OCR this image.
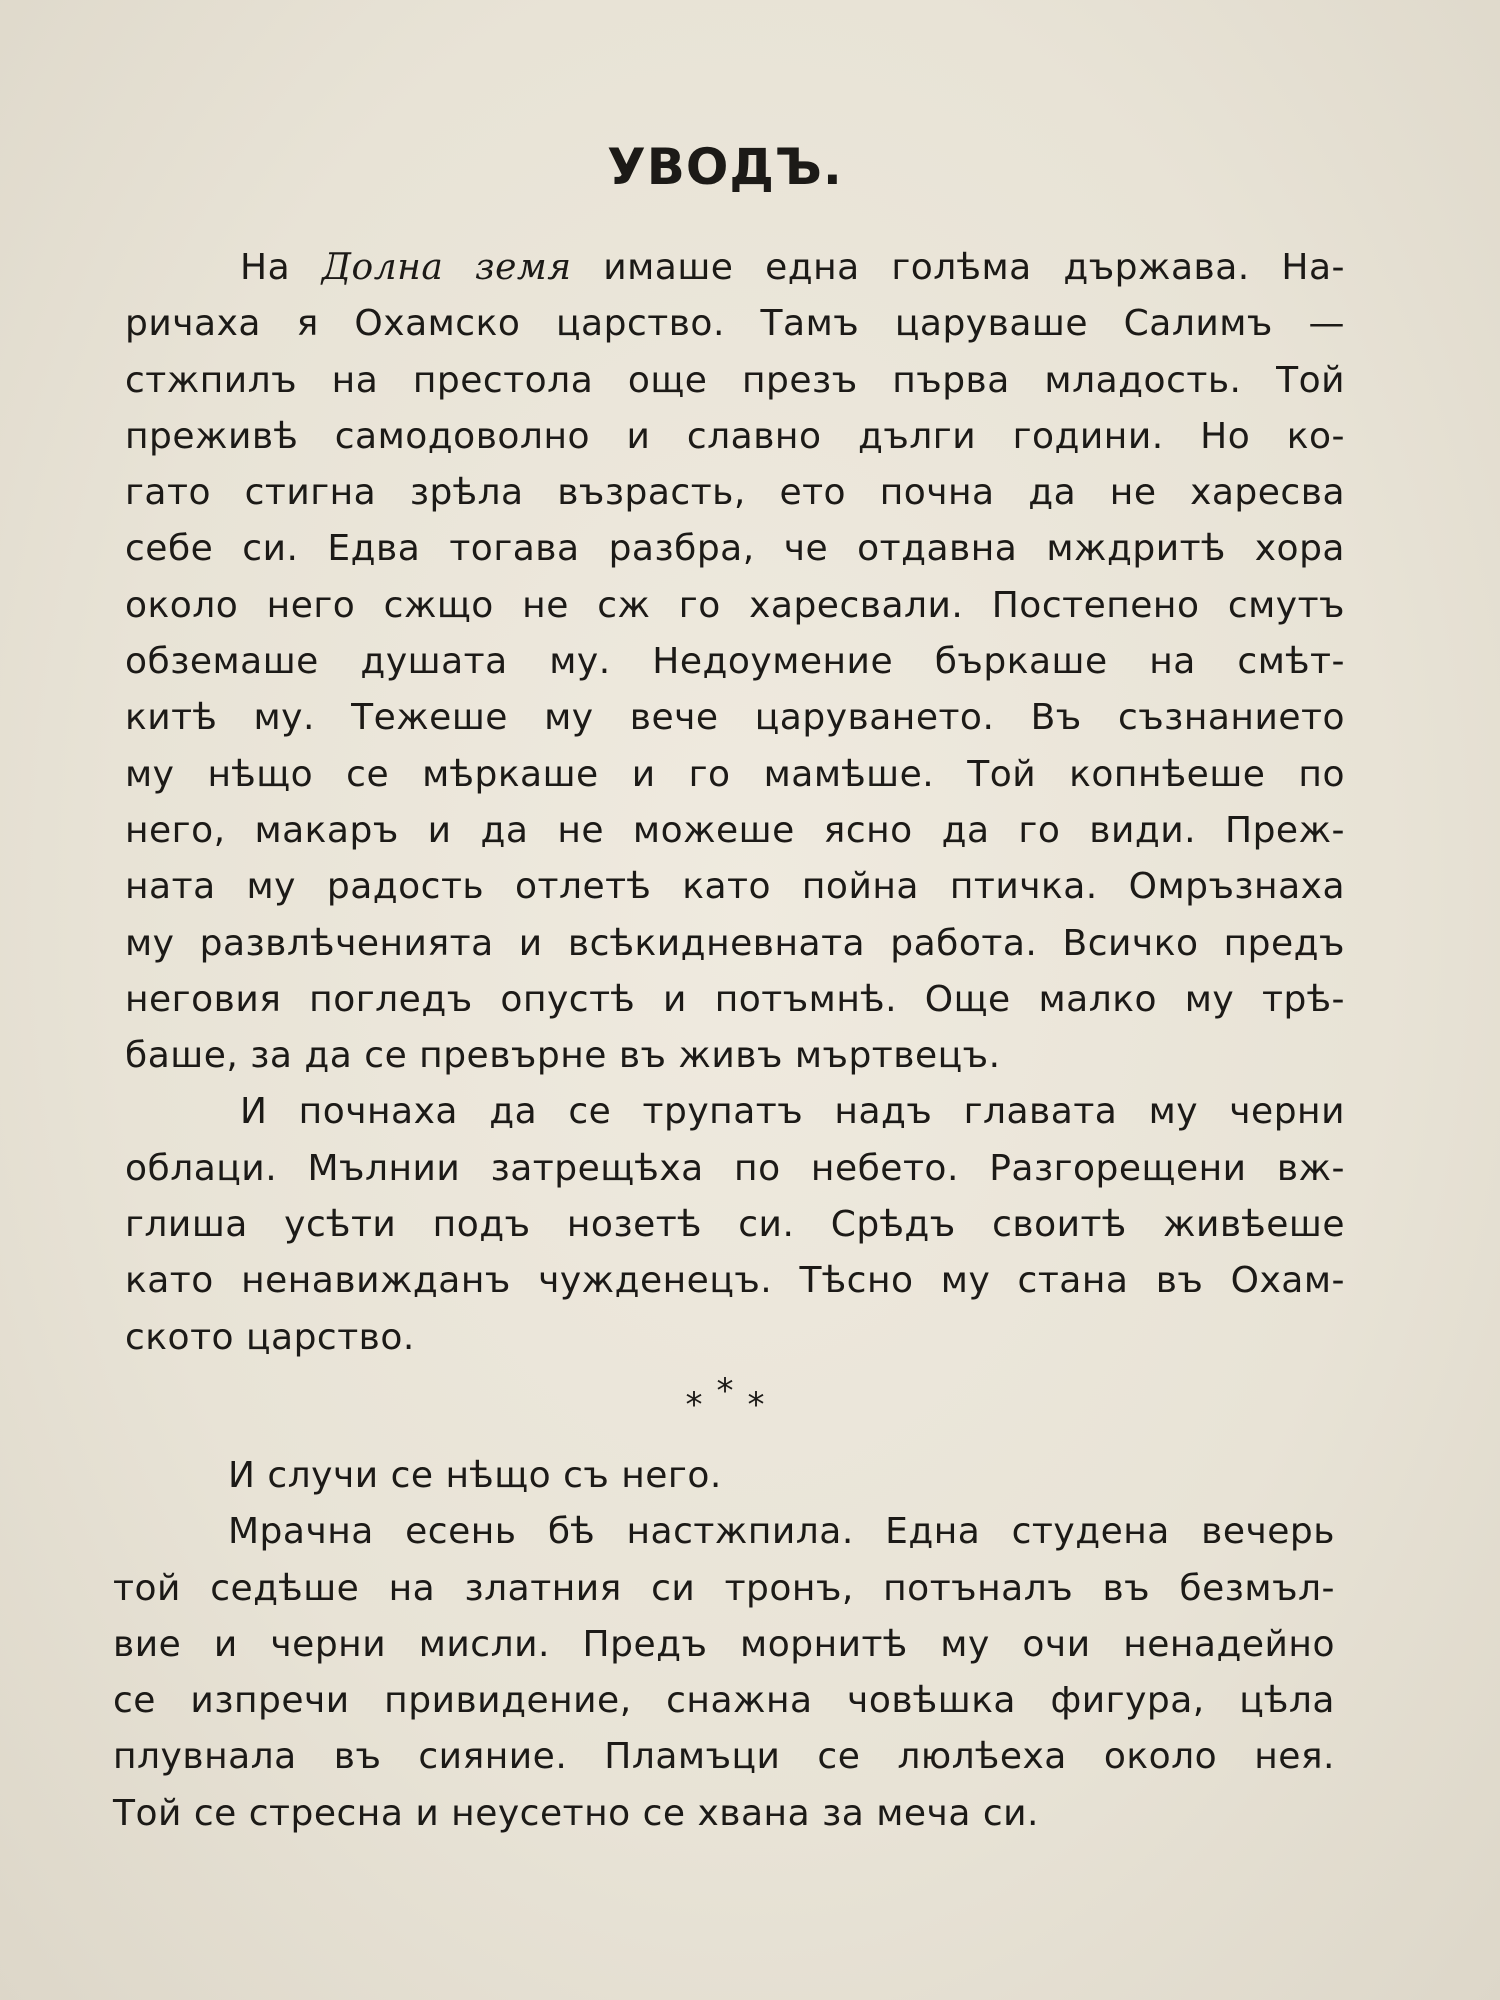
УВОДЪ.
На Долна земя имаше една голѣма държава. На-
ричаха я Охамско царство. Тамъ царуваше Салимъ —
стжпилъ на престола още презъ първа младость. Той
преживѣ самодоволно и славно дълги години. Но ко-
гато стигна зрѣла възрасть, ето почна да не харесва
себе си. Едва тогава разбра, че отдавна мждритѣ хора
около него сжщо не сж го харесвали. Постепено смутъ
обземаше душата му. Недоумение бъркаше на смѣт-
китѣ му. Тежеше му вече царуването. Въ съзнанието
му нѣщо се мѣркаше и го мамѣше. Той копнѣеше по
него, макаръ и да не можеше ясно да го види. Преж-
ната му радость отлетѣ като пойна птичка. Омръзнаха
му развлѣченията и всѣкидневната работа. Всичко предъ
неговия погледъ опустѣ и потъмнѣ. Още малко му трѣ-
баше, за да се превърне въ живъ мъртвецъ.
И почнаха да се трупатъ надъ главата му черни
облаци. Мълнии затрещѣха по небето. Разгорещени вж-
глиша усѣти подъ нозетѣ си. Срѣдъ своитѣ живѣеше
като ненавижданъ чужденецъ. Тѣсно му стана въ Охам-
ското царство.
* * *
И случи се нѣщо съ него.
Мрачна есень бѣ настжпила. Една студена вечерь
той седѣше на златния си тронъ, потъналъ въ безмъл-
вие и черни мисли. Предъ морнитѣ му очи ненадейно
се изпречи привидение, снажна човѣшка фигура, цѣла
плувнала въ сияние. Пламъци се люлѣеха около нея.
Той се стресна и неусетно се хвана за меча си.
